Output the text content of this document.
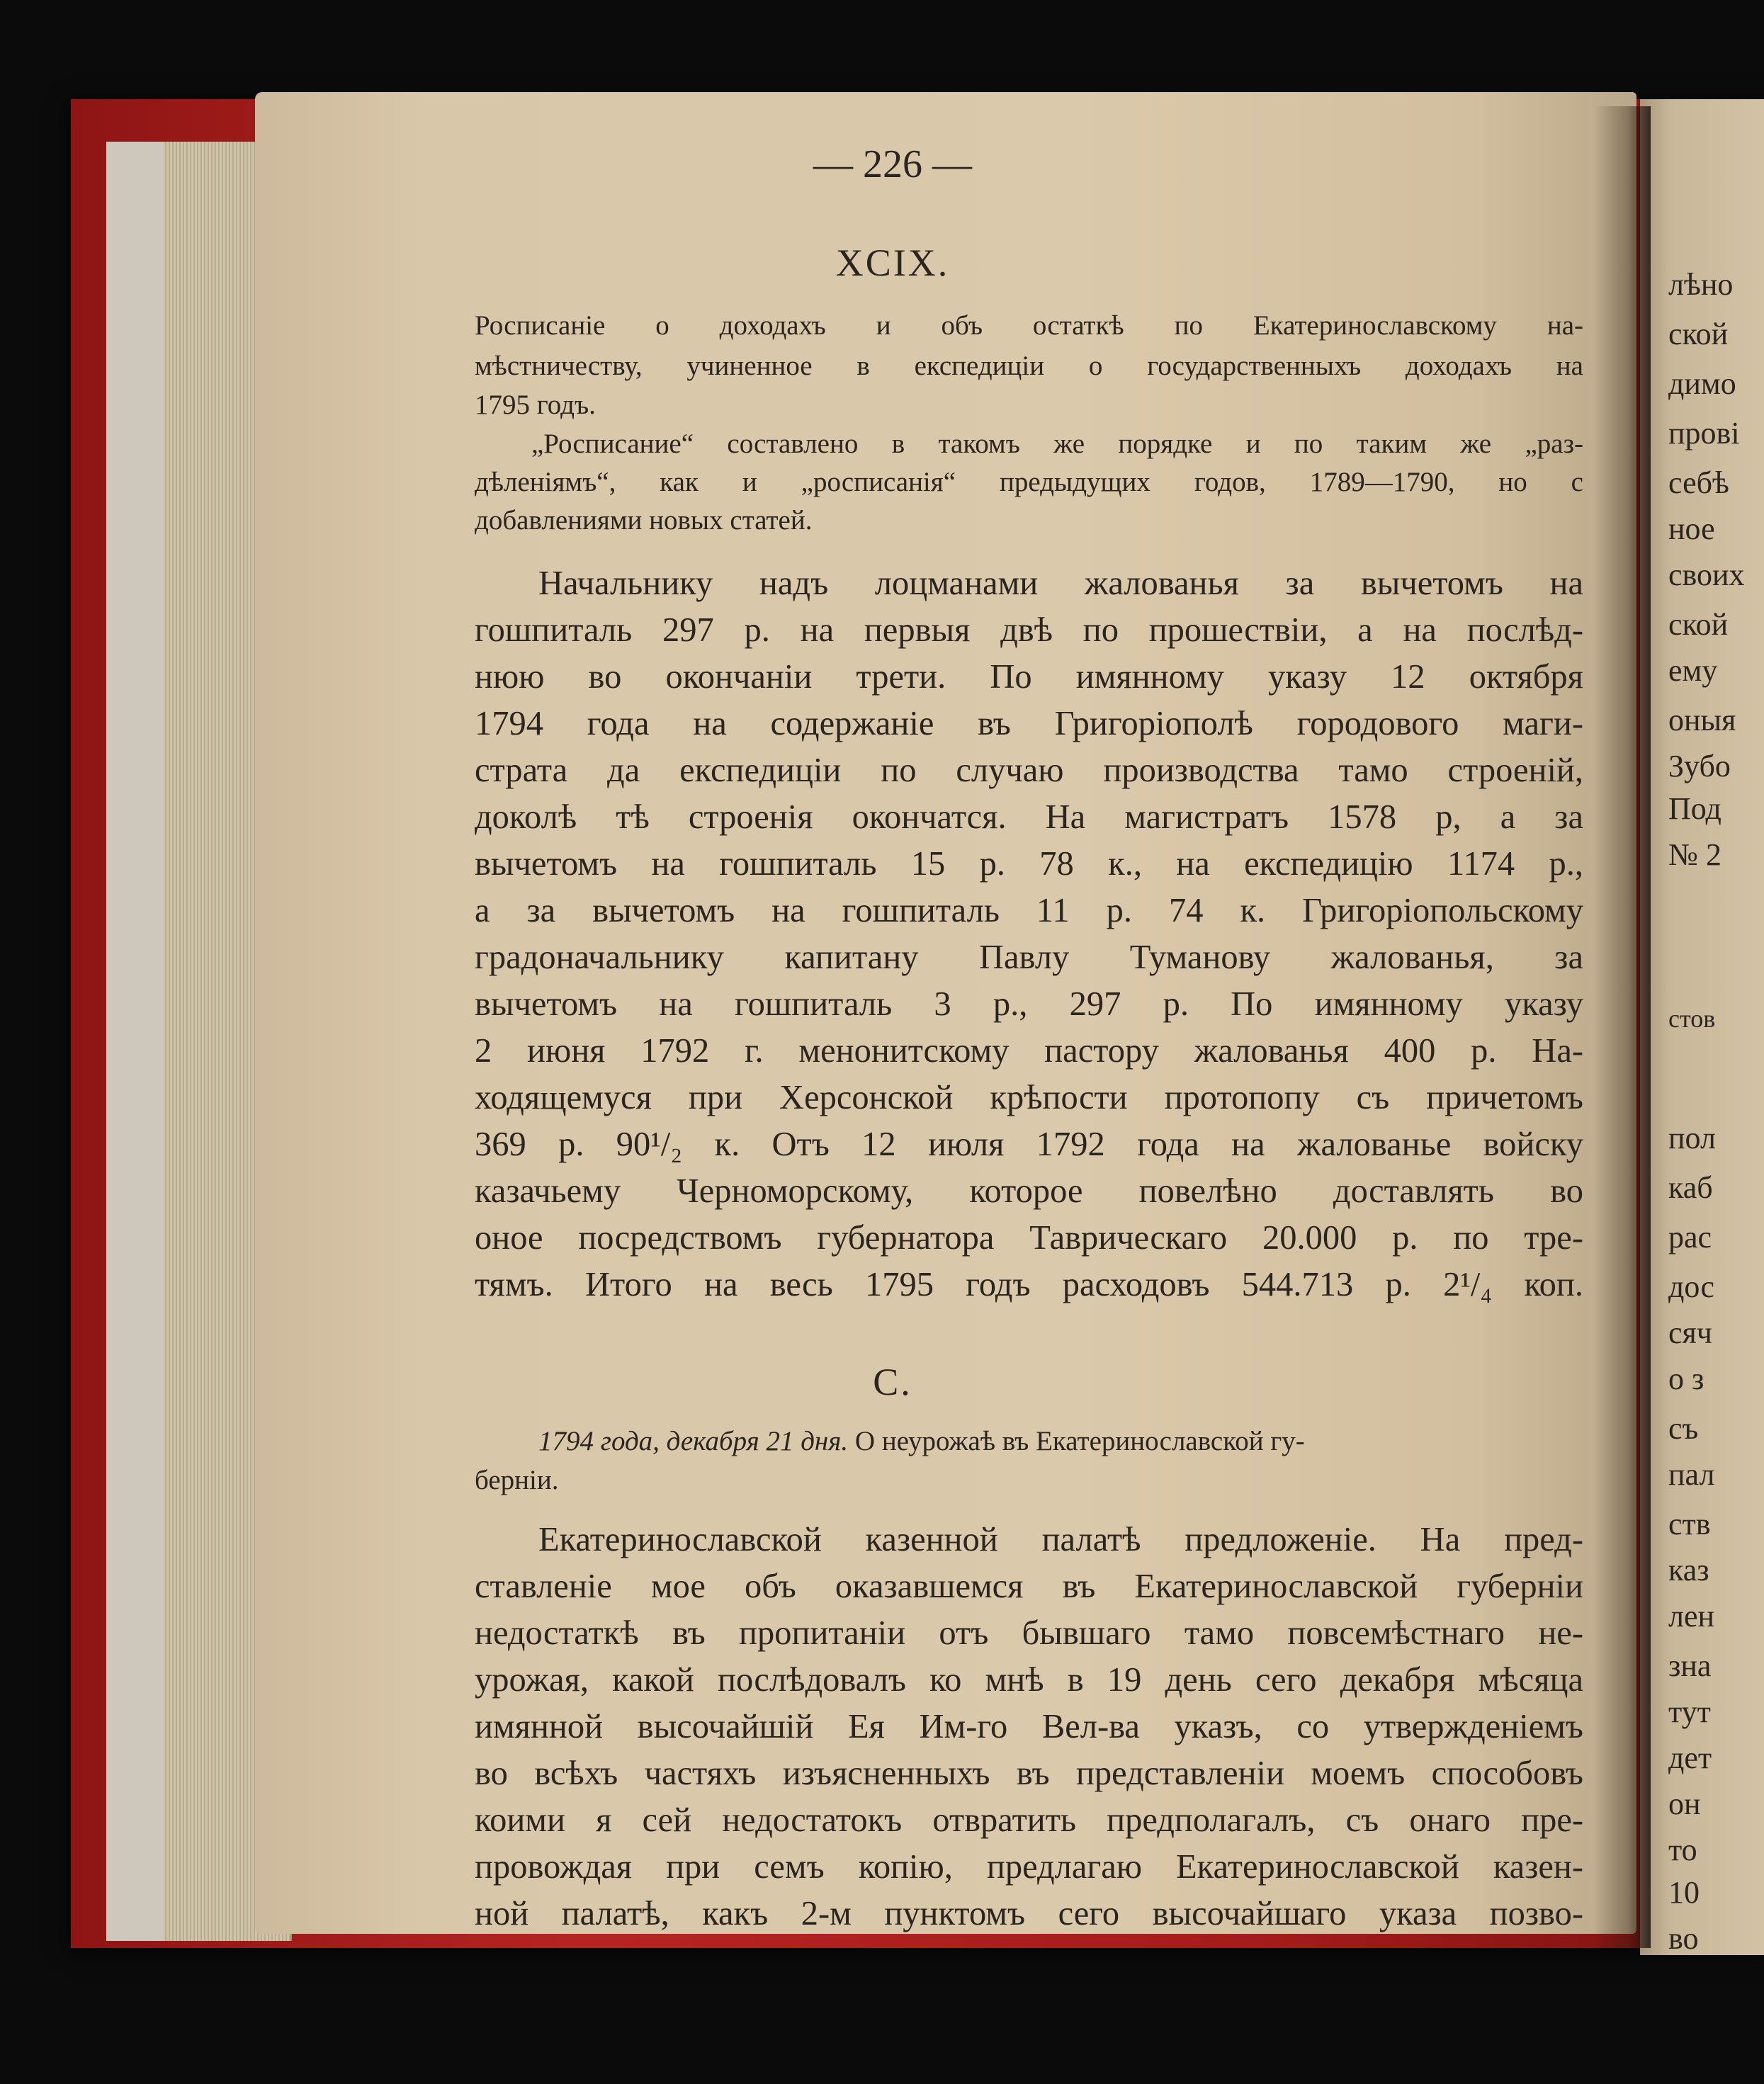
лѣно
ской
димо
прові
себѣ
ное
своих
ской
ему
оныя
Зубо
Под
№ 2
стов
пол
каб
рас
дос
сяч
о з
съ
пал
ств
каз
лен
зна
тут
дет
он
то
10
во
— 226 —
XCIX.
Росписаніе о доходахъ и объ остаткѣ по Екатеринославскому на-
мѣстничеству, учиненное в експедиціи о государственныхъ доходахъ на
1795 годъ.
„Росписание“ составлено в такомъ же порядке и по таким же „раз-
дѣленіямъ“, как и „росписанія“ предыдущих годов, 1789—1790, но с
добавлениями новых статей.
Начальнику надъ лоцманами жалованья за вычетомъ на
гошпиталь 297 р. на первыя двѣ по прошествіи, а на послѣд-
нюю во окончаніи трети. По имянному указу 12 октября
1794 года на содержаніе въ Григоріополѣ городового маги-
страта да експедиціи по случаю производства тамо строеній,
доколѣ тѣ строенія окончатся. На магистратъ 1578 р, а за
вычетомъ на гошпиталь 15 р. 78 к., на експедицію 1174 р.,
а за вычетомъ на гошпиталь 11 р. 74 к. Григоріопольскому
градоначальнику капитану Павлу Туманову жалованья, за
вычетомъ на гошпиталь 3 р., 297 р. По имянному указу
2 июня 1792 г. менонитскому пастору жалованья 400 р. На-
ходящемуся при Херсонской крѣпости протопопу съ причетомъ
369 р. 90¹/₂ к. Отъ 12 июля 1792 года на жалованье войску
казачьему Черноморскому, которое повелѣно доставлять во
оное посредствомъ губернатора Таврическаго 20.000 р. по тре-
тямъ. Итого на весь 1795 годъ расходовъ 544.713 р. 2¹/₄ коп.
С.
1794 года, декабря 21 дня. О неурожаѣ въ Екатеринославской гу-
берніи.
Екатеринославской казенной палатѣ предложеніе. На пред-
ставленіе мое объ оказавшемся въ Екатеринославской губерніи
недостаткѣ въ пропитаніи отъ бывшаго тамо повсемѣстнаго не-
урожая, какой послѣдовалъ ко мнѣ в 19 день сего декабря мѣсяца
имянной высочайшій Ея Им-го Вел-ва указъ, со утвержденіемъ
во всѣхъ частяхъ изъясненныхъ въ представленіи моемъ способовъ
коими я сей недостатокъ отвратить предполагалъ, съ онаго пре-
провождая при семъ копію, предлагаю Екатеринославской казен-
ной палатѣ, какъ 2-м пунктомъ сего высочайшаго указа позво-
